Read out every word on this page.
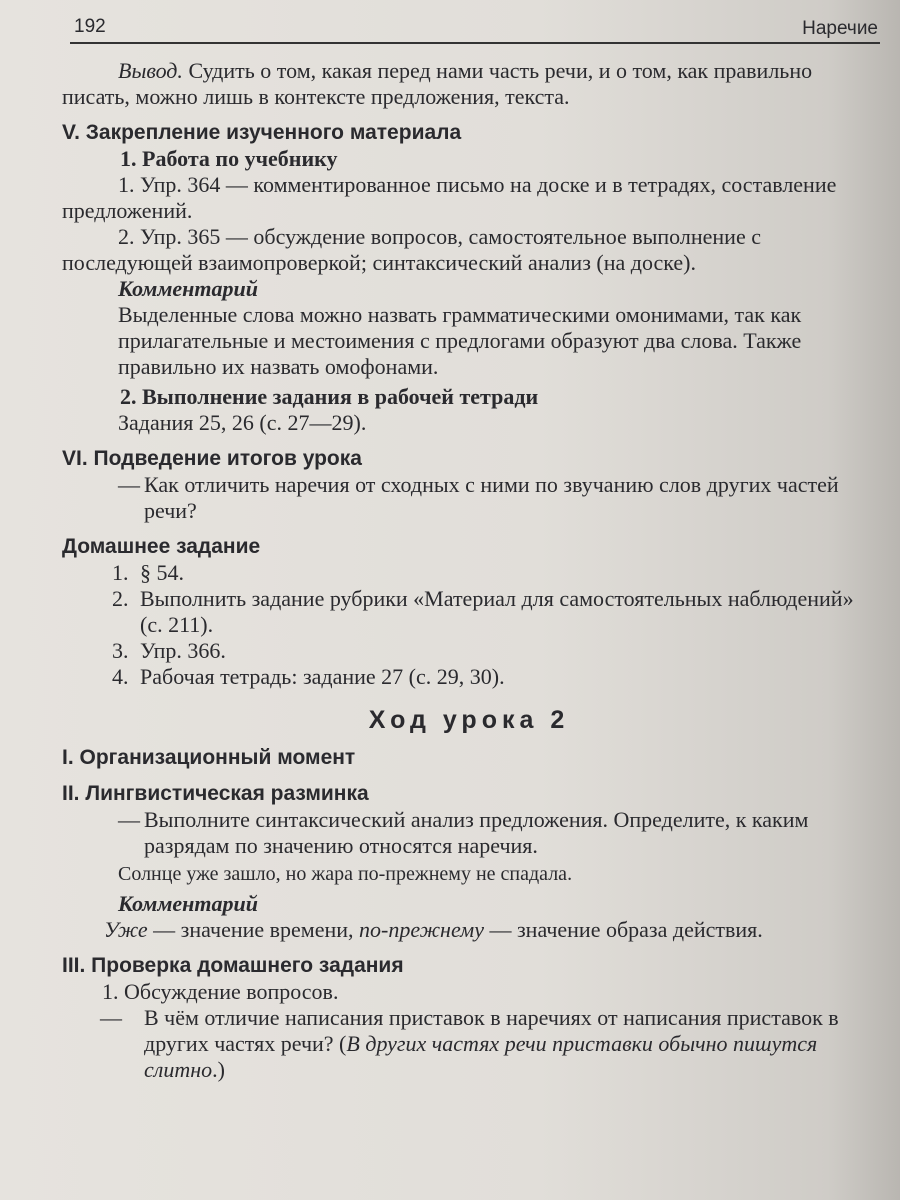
192	Наречие

Вывод. Судить о том, какая перед нами часть речи, и о том, как правильно писать, можно лишь в контексте предложения, текста.

V. Закрепление изученного материала
1. Работа по учебнику

1. Упр. 364 — комментированное письмо на доске и в тетрадях, составление предложений.

2. Упр. 365 — обсуждение вопросов, самостоятельное выполнение с последующей взаимопроверкой; синтаксический анализ (на доске).

Комментарий
Выделенные слова можно назвать грамматическими омонимами, так как прилагательные и местоимения с предлогами образуют два слова. Также правильно их назвать омофонами.
2. Выполнение задания в рабочей тетради
Задания 25, 26 (с. 27—29).
VI. Подведение итогов урока
— Как отличить наречия от сходных с ними по звучанию слов других частей речи?
Домашнее задание
1. § 54.
2. Выполнить задание рубрики «Материал для самостоятельных наблюдений» (с. 211).
3. Упр. 366.
4. Рабочая тетрадь: задание 27 (с. 29, 30).
Ход урока 2
I. Организационный момент
II. Лингвистическая разминка
— Выполните синтаксический анализ предложения. Определите, к каким разрядам по значению относятся наречия.
Солнце уже зашло, но жара по-прежнему не спадала.
Комментарий

Уже — значение времени, по-прежнему — значение образа действия.

III. Проверка домашнего задания
1. Обсуждение вопросов.
— В чём отличие написания приставок в наречиях от написания приставок в других частях речи? (В других частях речи приставки обычно пишутся слитно.)
